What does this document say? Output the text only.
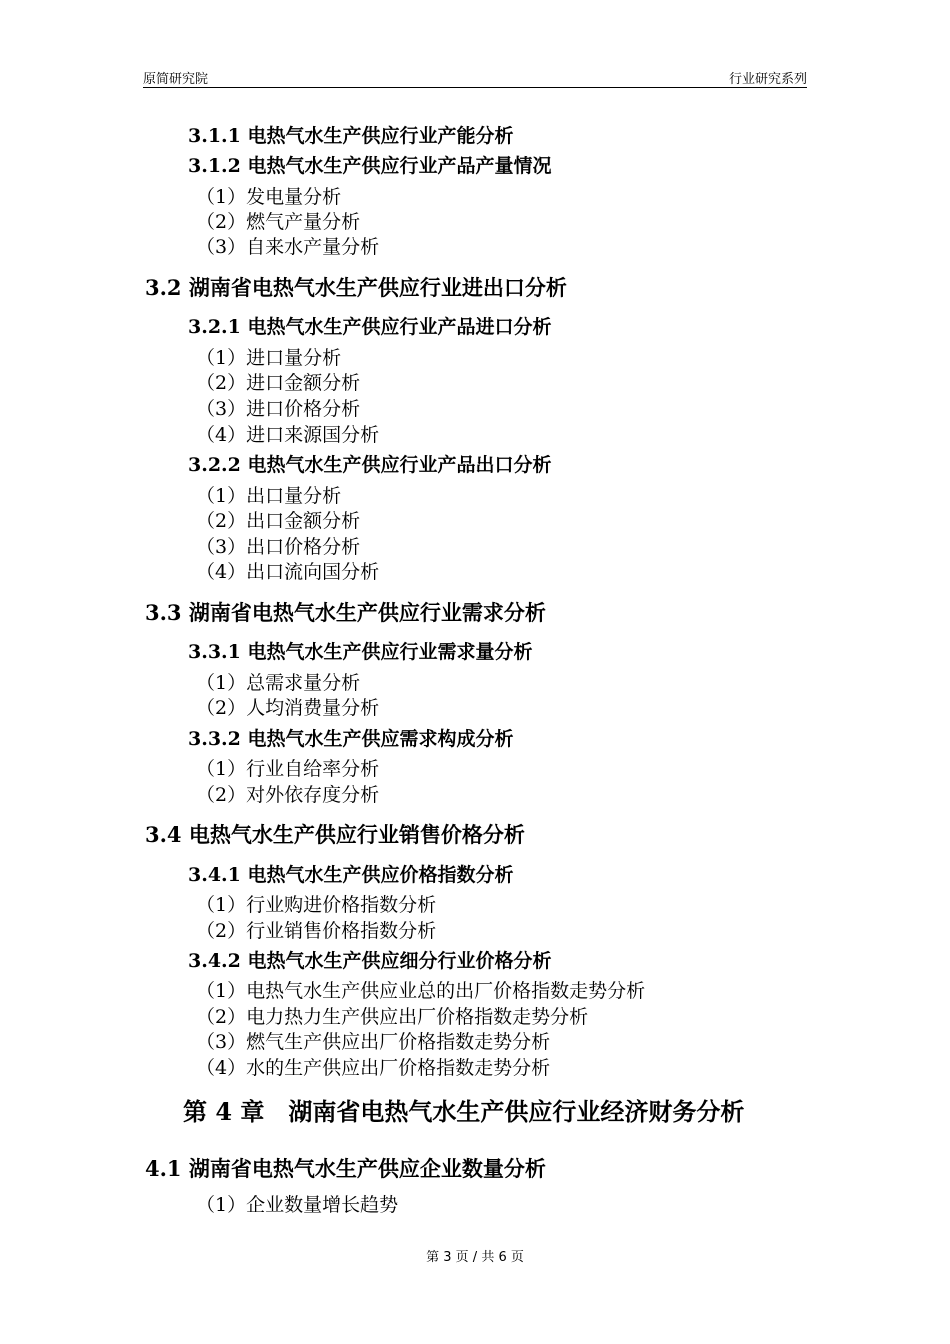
原简研究院	行业研究系列
3.1.1 电热气水生产供应行业产能分析
3.1.2 电热气水生产供应行业产品产量情况
（1）发电量分析
（2）燃气产量分析
（3）自来水产量分析
3.2 湖南省电热气水生产供应行业进出口分析
3.2.1 电热气水生产供应行业产品进口分析
（1）进口量分析
（2）进口金额分析
（3）进口价格分析
（4）进口来源国分析
3.2.2 电热气水生产供应行业产品出口分析
（1）出口量分析
（2）出口金额分析
（3）出口价格分析
（4）出口流向国分析
3.3 湖南省电热气水生产供应行业需求分析
3.3.1 电热气水生产供应行业需求量分析
（1）总需求量分析
（2）人均消费量分析
3.3.2 电热气水生产供应需求构成分析
（1）行业自给率分析
（2）对外依存度分析
3.4 电热气水生产供应行业销售价格分析
3.4.1 电热气水生产供应价格指数分析
（1）行业购进价格指数分析
（2）行业销售价格指数分析
3.4.2 电热气水生产供应细分行业价格分析
（1）电热气水生产供应业总的出厂价格指数走势分析
（2）电力热力生产供应出厂价格指数走势分析
（3）燃气生产供应出厂价格指数走势分析
（4）水的生产供应出厂价格指数走势分析
第 4 章　湖南省电热气水生产供应行业经济财务分析
4.1 湖南省电热气水生产供应企业数量分析
（1）企业数量增长趋势
第 3 页 / 共 6 页
